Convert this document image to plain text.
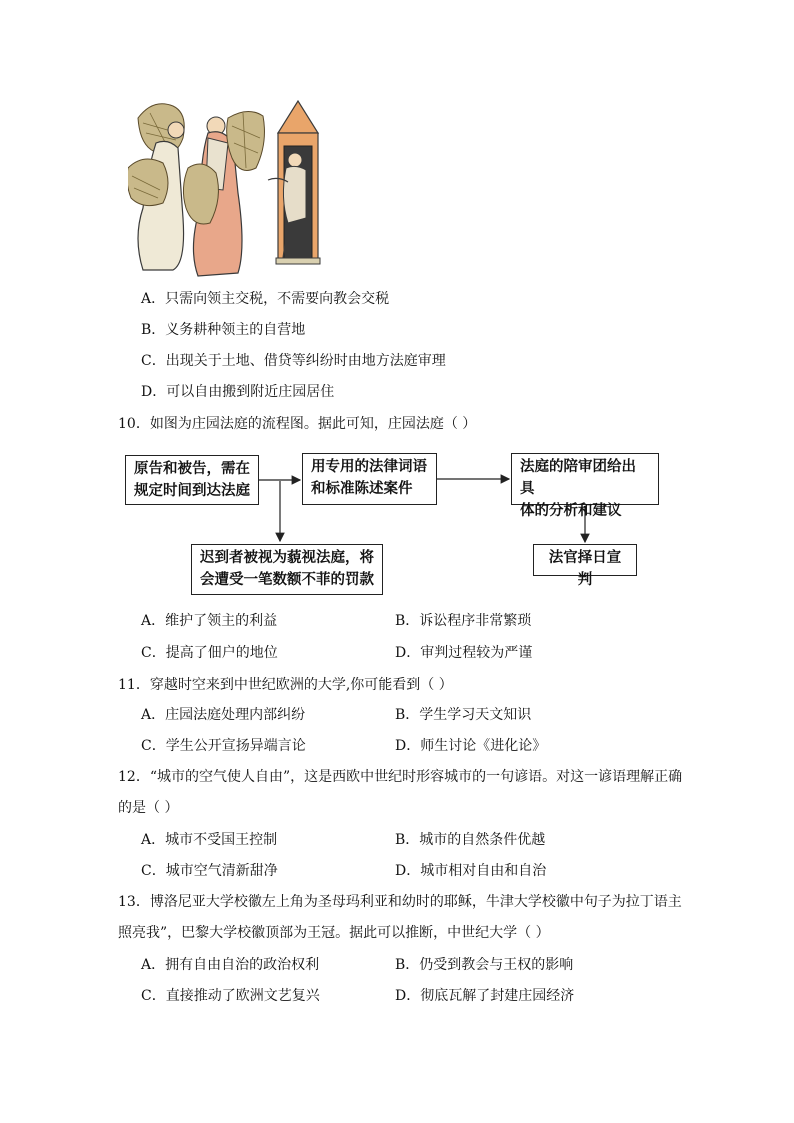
A．只需向领主交税，不需要向教会交税
B．义务耕种领主的自营地
C．出现关于土地、借贷等纠纷时由地方法庭审理
D．可以自由搬到附近庄园居住
10．如图为庄园法庭的流程图。据此可知，庄园法庭（ ）
原告和被告，需在
规定时间到达法庭
用专用的法律词语
和标准陈述案件
法庭的陪审团给出具
体的分析和建议
迟到者被视为藐视法庭，将
会遭受一笔数额不菲的罚款
法官择日宣判
A．维护了领主的利益	B．诉讼程序非常繁琐
C．提高了佃户的地位	D．审判过程较为严谨
11．穿越时空来到中世纪欧洲的大学,你可能看到（ ）
A．庄园法庭处理内部纠纷	B．学生学习天文知识
C．学生公开宣扬异端言论	D．师生讨论《进化论》
12．“城市的空气使人自由”，这是西欧中世纪时形容城市的一句谚语。对这一谚语理解正确
的是（ ）
A．城市不受国王控制	B．城市的自然条件优越
C．城市空气清新甜净	D．城市相对自由和自治
13．博洛尼亚大学校徽左上角为圣母玛利亚和幼时的耶稣，牛津大学校徽中句子为拉丁语主
照亮我”，巴黎大学校徽顶部为王冠。据此可以推断，中世纪大学（ ）
A．拥有自由自治的政治权利	B．仍受到教会与王权的影响
C．直接推动了欧洲文艺复兴	D．彻底瓦解了封建庄园经济
